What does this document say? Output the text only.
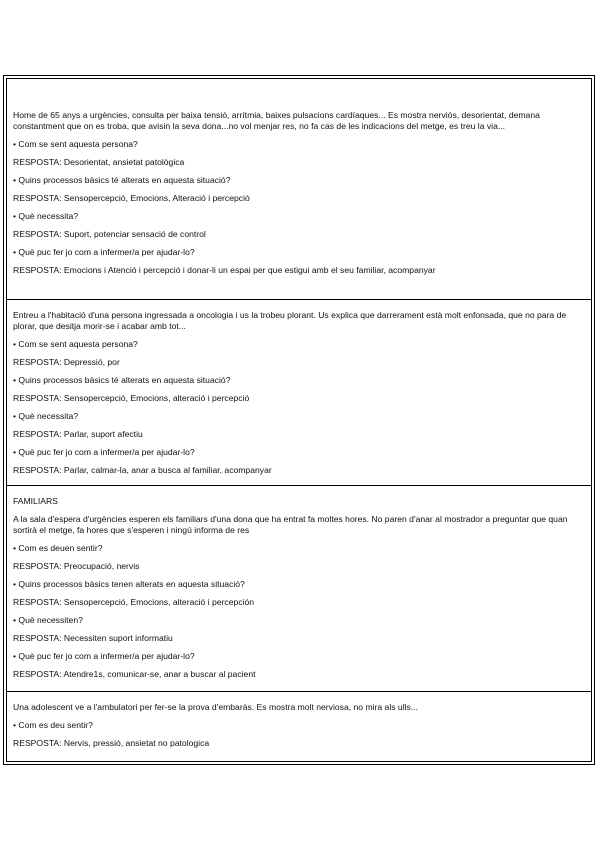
Home de 65 anys a urgències, consulta per baixa tensió, arrítmia, baixes pulsacions cardíaques... Es mostra nerviós, desorientat, demana constantment que on es troba, que avisin la seva dona...no vol menjar res, no fa cas de les indicacions del metge, es treu la via...

• Com se sent aquesta persona?

RESPOSTA: Desorientat, ansietat patològica

• Quins processos bàsics té alterats en aquesta situació?

RESPOSTA: Sensopercepció, Emocions, Alteració i percepció

• Què necessita?

RESPOSTA: Suport, potenciar sensació de control

• Què puc fer jo com a infermer/a per ajudar-lo?

RESPOSTA: Emocions i Atenció i percepció i donar-li un espai per que estigui amb el seu familiar, acompanyar

Entreu a l'habitació d'una persona ingressada a oncologia i us la trobeu plorant. Us explica que darrerament està molt enfonsada, que no para de plorar, que desitja morir-se i acabar amb tot...

• Com se sent aquesta persona?

RESPOSTA: Depressió, por

• Quins processos bàsics té alterats en aquesta situació?

RESPOSTA: Sensopercepció, Emocions, alteració i percepció

• Què necessita?

RESPOSTA: Parlar, suport afectiu

• Què puc fer jo com a infermer/a per ajudar-lo?

RESPOSTA: Parlar, calmar-la, anar a busca al familiar, acompanyar

FAMILIARS

A la sala d'espera d'urgències esperen els familiars d'una dona que ha entrat fa moltes hores. No paren d'anar al mostrador a preguntar que quan sortirà el metge, fa hores que s'esperen i ningú informa de res

• Com es deuen sentir?

RESPOSTA: Preocupació, nervis

• Quins processos bàsics tenen alterats en aquesta situació?

RESPOSTA: Sensopercepció, Emocions, alteració i percepción

• Què necessiten?

RESPOSTA: Necessiten suport informatiu

• Què puc fer jo com a infermer/a per ajudar-lo?

RESPOSTA: Atendre1s, comunicar-se, anar a buscar al pacient

Una adolescent ve a l'ambulatori per fer-se la prova d'embaràs. Es mostra molt nerviosa, no mira als ulls...

• Com es deu sentir?

RESPOSTA: Nervis, pressió, ansietat no patologica
